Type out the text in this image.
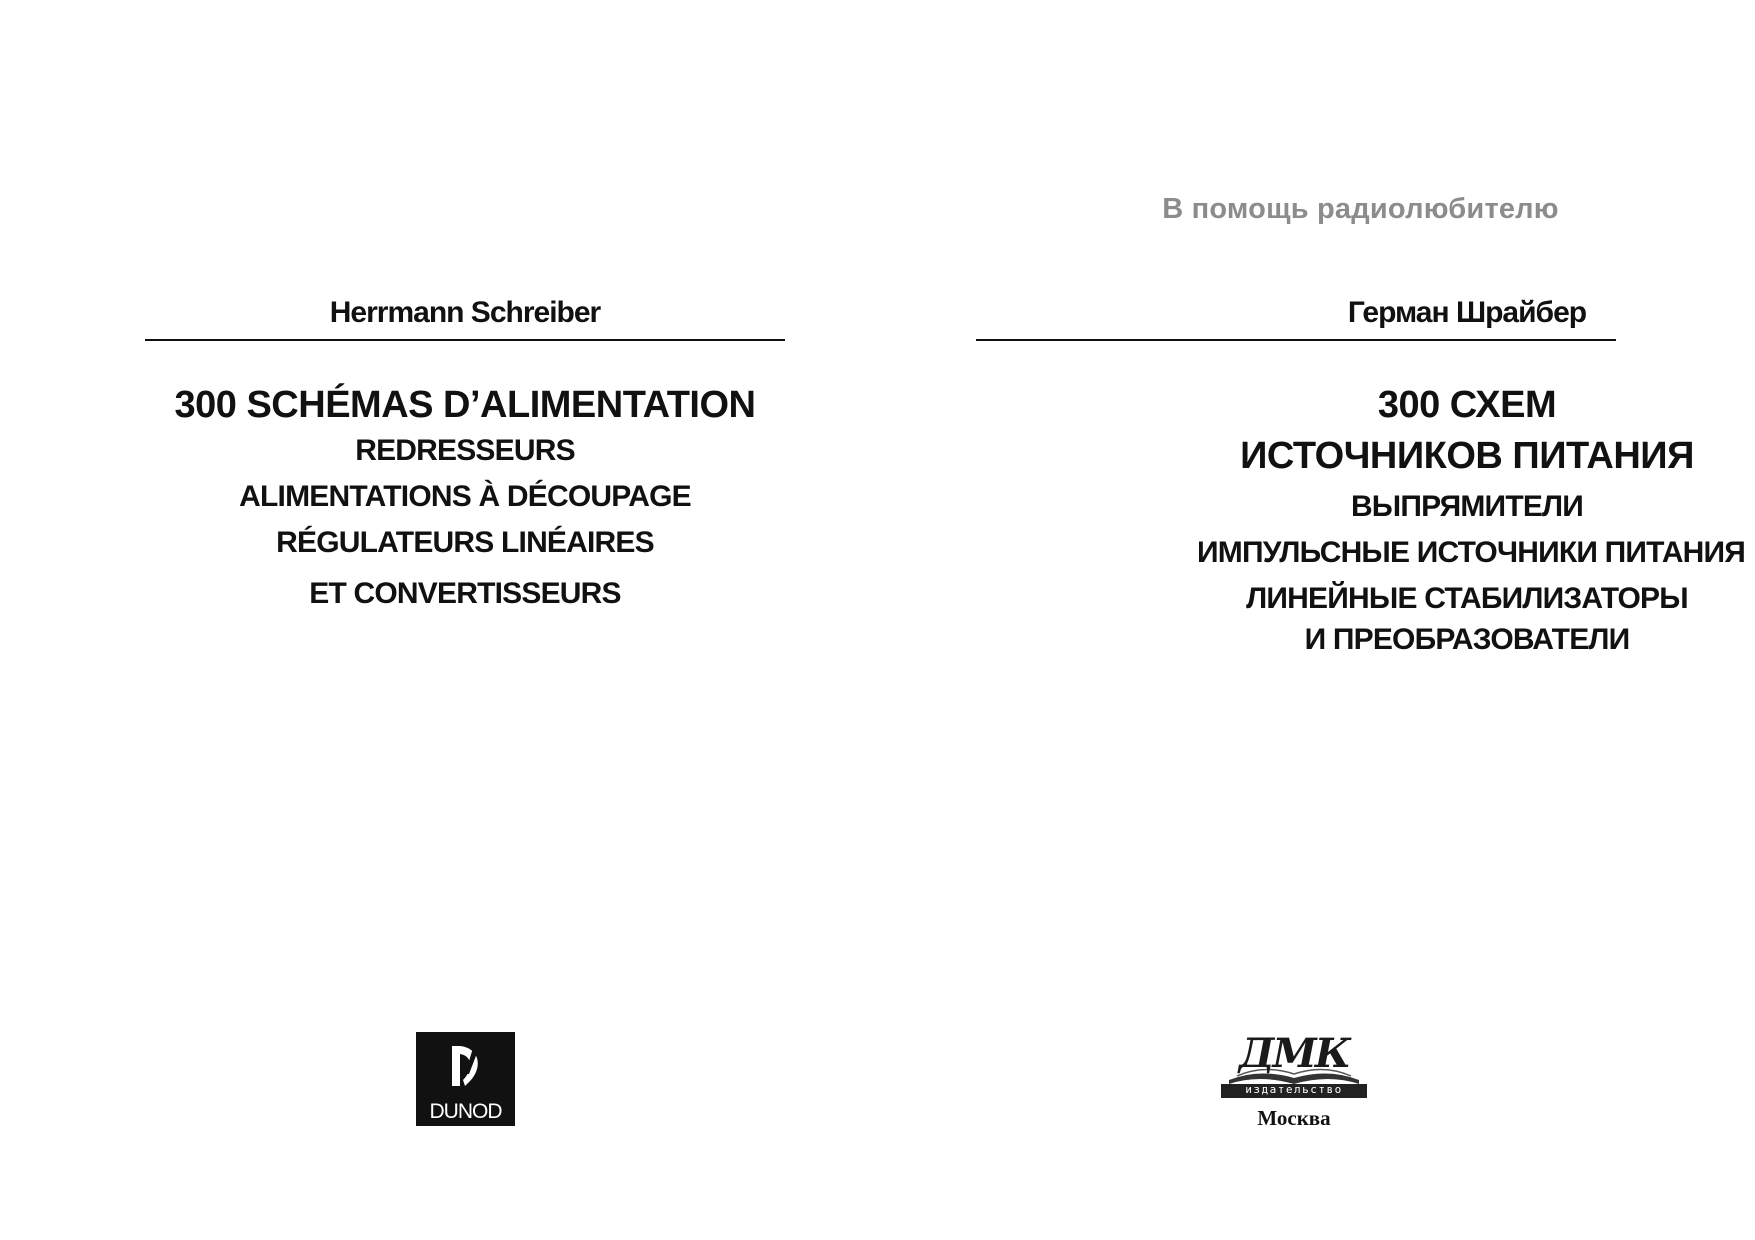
Herrmann Schreiber
300 SCHÉMAS D’ALIMENTATION
REDRESSEURS
ALIMENTATIONS À DÉCOUPAGE
RÉGULATEURS LINÉAIRES
ET CONVERTISSEURS
DUNOD
В помощь радиолюбителю
Герман Шрайбер
300 СХЕМ
ИСТОЧНИКОВ ПИТАНИЯ
ВЫПРЯМИТЕЛИ
ИМПУЛЬСНЫЕ ИСТОЧНИКИ ПИТАНИЯ
ЛИНЕЙНЫЕ СТАБИЛИЗАТОРЫ
И ПРЕОБРАЗОВАТЕЛИ
ДМК
издательство
Москва
